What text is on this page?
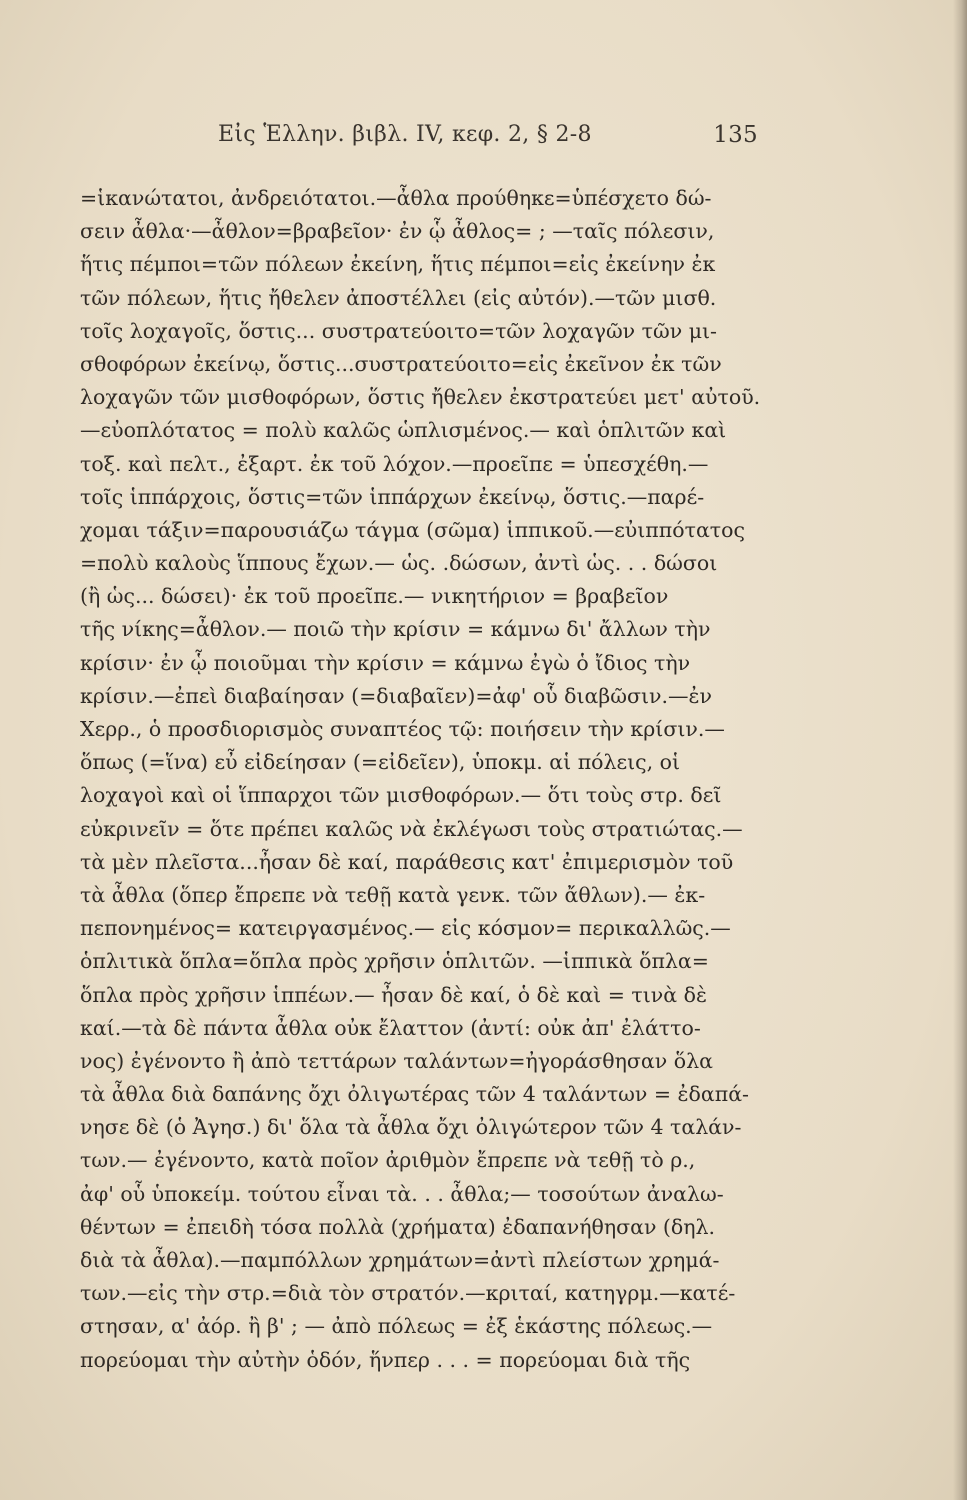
Εἰς Ἑλλην. βιβλ. IV, κεφ. 2, § 2-8	135
=ἱκανώτατοι, ἀνδρειότατοι.—ἆθλα προύθηκε=ὑπέσχετο δώ-
σειν ἆθλα·—ἆθλον=βραβεῖον· ἐν ᾧ ἆθλος= ; —ταῖς πόλεσιν,
ἥτις πέμποι=τῶν πόλεων ἐκείνη, ἥτις πέμποι=εἰς ἐκείνην ἐκ
τῶν πόλεων, ἥτις ἤθελεν ἀποστέλλει (εἰς αὐτόν).—τῶν μισθ.
τοῖς λοχαγοῖς, ὅστις... συστρατεύοιτο=τῶν λοχαγῶν τῶν μι-
σθοφόρων ἐκείνῳ, ὅστις...συστρατεύοιτο=εἰς ἐκεῖνον ἐκ τῶν
λοχαγῶν τῶν μισθοφόρων, ὅστις ἤθελεν ἐκστρατεύει μετ' αὐτοῦ.
—εὐοπλότατος = πολὺ καλῶς ὡπλισμένος.— καὶ ὁπλιτῶν καὶ
τοξ. καὶ πελτ., ἐξαρτ. ἐκ τοῦ λόχον.—προεῖπε = ὑπεσχέθη.—
τοῖς ἱππάρχοις, ὅστις=τῶν ἱππάρχων ἐκείνῳ, ὅστις.—παρέ-
χομαι τάξιν=παρουσιάζω τάγμα (σῶμα) ἱππικοῦ.—εὐιππότατος
=πολὺ καλοὺς ἵππους ἔχων.— ὡς. .δώσων, ἀντὶ ὡς. . . δώσοι
(ἢ ὡς... δώσει)· ἐκ τοῦ προεῖπε.— νικητήριον = βραβεῖον
τῆς νίκης=ἆθλον.— ποιῶ τὴν κρίσιν = κάμνω δι' ἄλλων τὴν
κρίσιν· ἐν ᾧ ποιοῦμαι τὴν κρίσιν = κάμνω ἐγὼ ὁ ἴδιος τὴν
κρίσιν.—ἐπεὶ διαβαίησαν (=διαβαῖεν)=ἀφ' οὗ διαβῶσιν.—ἐν
Χερρ., ὁ προσδιορισμὸς συναπτέος τῷ: ποιήσειν τὴν κρίσιν.—
ὅπως (=ἵνα) εὖ εἰδείησαν (=εἰδεῖεν), ὑποκμ. αἱ πόλεις, οἱ
λοχαγοὶ καὶ οἱ ἵππαρχοι τῶν μισθοφόρων.— ὅτι τοὺς στρ. δεῖ
εὐκρινεῖν = ὅτε πρέπει καλῶς νὰ ἐκλέγωσι τοὺς στρατιώτας.—
τὰ μὲν πλεῖστα...ἦσαν δὲ καί, παράθεσις κατ' ἐπιμερισμὸν τοῦ
τὰ ἆθλα (ὅπερ ἔπρεπε νὰ τεθῇ κατὰ γενκ. τῶν ἄθλων).— ἐκ-
πεπονημένος= κατειργασμένος.— εἰς κόσμον= περικαλλῶς.—
ὁπλιτικὰ ὅπλα=ὅπλα πρὸς χρῆσιν ὁπλιτῶν. —ἱππικὰ ὅπλα=
ὅπλα πρὸς χρῆσιν ἱππέων.— ἦσαν δὲ καί, ὁ δὲ καὶ = τινὰ δὲ
καί.—τὰ δὲ πάντα ἆθλα οὐκ ἔλαττον (ἀντί: οὐκ ἀπ' ἐλάττο-
νος) ἐγένοντο ἢ ἀπὸ τεττάρων ταλάντων=ἠγοράσθησαν ὅλα
τὰ ἆθλα διὰ δαπάνης ὄχι ὀλιγωτέρας τῶν 4 ταλάντων = ἐδαπά-
νησε δὲ (ὁ Ἀγησ.) δι' ὅλα τὰ ἆθλα ὄχι ὀλιγώτερον τῶν 4 ταλάν-
των.— ἐγένοντο, κατὰ ποῖον ἀριθμὸν ἔπρεπε νὰ τεθῇ τὸ ρ.,
ἀφ' οὗ ὑποκείμ. τούτου εἶναι τὰ. . . ἆθλα;— τοσούτων ἀναλω-
θέντων = ἐπειδὴ τόσα πολλὰ (χρήματα) ἐδαπανήθησαν (δηλ.
διὰ τὰ ἆθλα).—παμπόλλων χρημάτων=ἀντὶ πλείστων χρημά-
των.—εἰς τὴν στρ.=διὰ τὸν στρατόν.—κριταί, κατηγρμ.—κατέ-
στησαν, α' ἀόρ. ἢ β' ; — ἀπὸ πόλεως = ἐξ ἑκάστης πόλεως.—
πορεύομαι τὴν αὐτὴν ὁδόν, ἥνπερ . . . = πορεύομαι διὰ τῆς
